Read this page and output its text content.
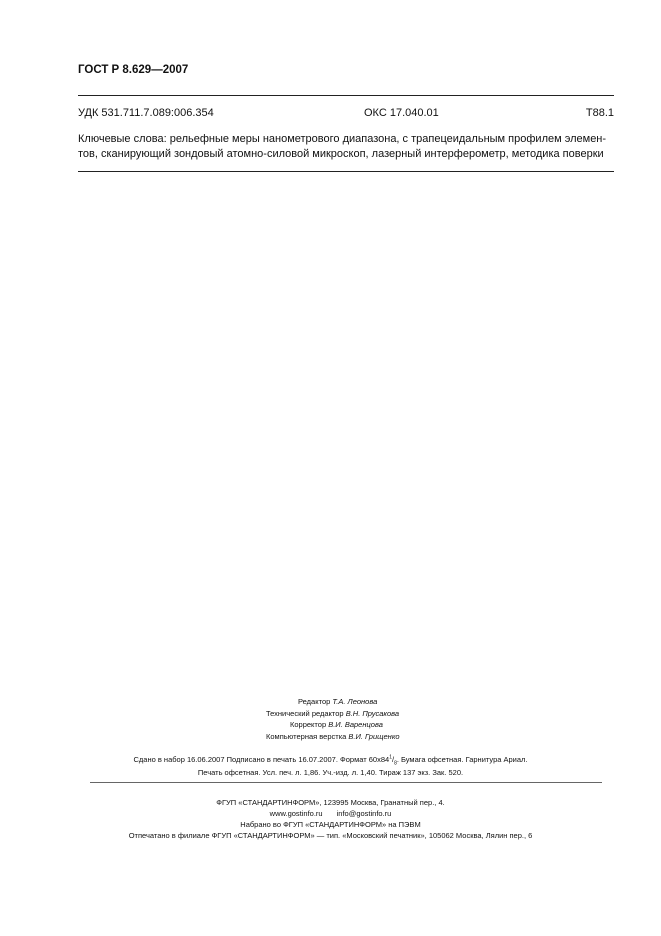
ГОСТ Р 8.629—2007
УДК 531.711.7.089:006.354	ОКС 17.040.01	Т88.1
Ключевые слова: рельефные меры нанометрового диапазона, с трапецеидальным профилем элемен-
тов, сканирующий зондовый атомно-силовой микроскоп, лазерный интерферометр, методика поверки
Редактор Т.А. Леонова
Технический редактор В.Н. Прусакова
Корректор В.И. Варенцова
Компьютерная верстка В.И. Грищенко
Сдано в набор 16.06.2007 Подписано в печать 16.07.2007. Формат $60x84^1/_8$. Бумага офсетная. Гарнитура Ариал.
Печать офсетная. Усл. печ. л. 1,86. Уч.-изд. л. 1,40. Тираж 137 экз. Зак. 520.
ФГУП «СТАНДАРТИНФОРМ», 123995 Москва, Гранатный пер., 4.
www.gostinfo.ru info@gostinfo.ru
Набрано во ФГУП «СТАНДАРТИНФОРМ» на ПЭВМ
Отпечатано в филиале ФГУП «СТАНДАРТИНФОРМ» — тип. «Московский печатник», 105062 Москва, Лялин пер., 6
